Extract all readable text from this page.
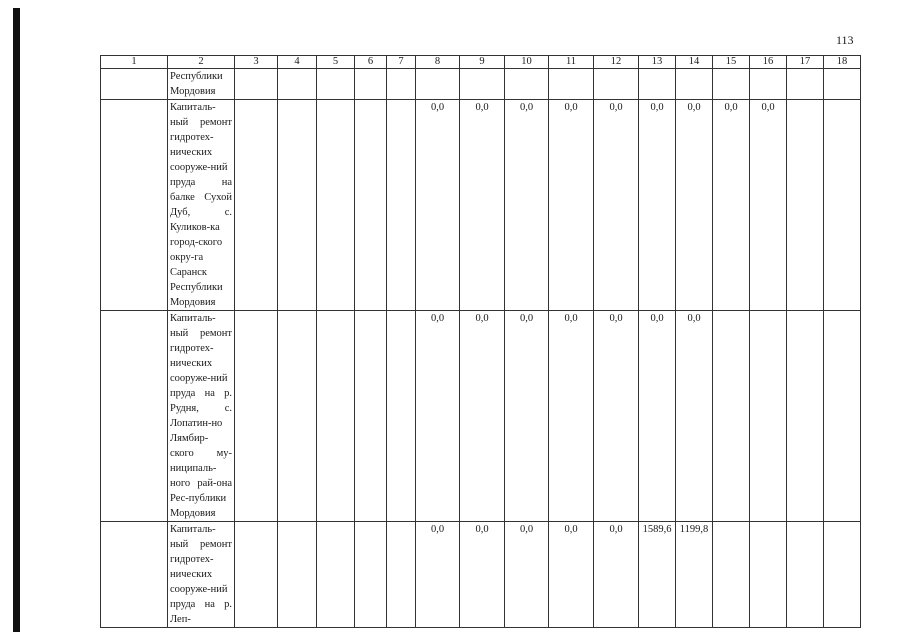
113
1	2	3	4	5	6	7	8	9	10	11	12	13	14	15	16	17	18
	Республики Мордовия																
	Капиталь-ный ремонт гидротех-нических сооруже-ний пруда на балке Сухой Дуб, с. Куликов-ка город-ского окру-га Саранск Республики Мордовия						0,0	0,0	0,0	0,0	0,0	0,0	0,0	0,0	0,0		
	Капиталь-ный ремонт гидротех-нических сооруже-ний пруда на р. Рудня, с. Лопатин-но Лямбир-ского му-ниципаль-ного рай-она Рес-публики Мордовия						0,0	0,0	0,0	0,0	0,0	0,0	0,0				
	Капиталь-ный ремонт гидротех-нических сооруже-ний пруда на р. Леп-						0,0	0,0	0,0	0,0	0,0	1589,6	1199,8				
